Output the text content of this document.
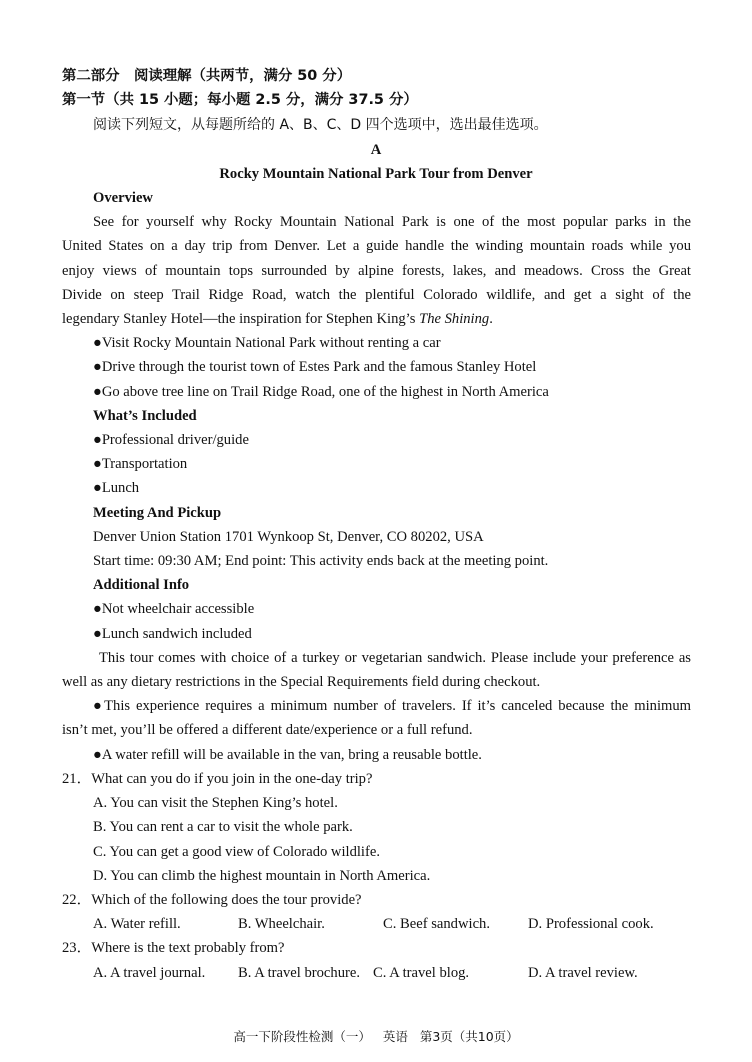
第二部分　阅读理解（共两节，满分 50 分）
第一节（共 15 小题；每小题 2.5 分，满分 37.5 分）
阅读下列短文，从每题所给的 A、B、C、D 四个选项中，选出最佳选项。
A
Rocky Mountain National Park Tour from Denver
Overview
See for yourself why Rocky Mountain National Park is one of the most popular parks in the
United States on a day trip from Denver. Let a guide handle the winding mountain roads while you
enjoy views of mountain tops surrounded by alpine forests, lakes, and meadows. Cross the Great
Divide on steep Trail Ridge Road, watch the plentiful Colorado wildlife, and get a sight of the
legendary Stanley Hotel—the inspiration for Stephen King’s The Shining.
●Visit Rocky Mountain National Park without renting a car
●Drive through the tourist town of Estes Park and the famous Stanley Hotel
●Go above tree line on Trail Ridge Road, one of the highest in North America
What’s Included
●Professional driver/guide
●Transportation
●Lunch
Meeting And Pickup
Denver Union Station 1701 Wynkoop St, Denver, CO 80202, USA
Start time: 09:30 AM; End point: This activity ends back at the meeting point.
Additional Info
●Not wheelchair accessible
●Lunch sandwich included
This tour comes with choice of a turkey or vegetarian sandwich. Please include your preference as
well as any dietary restrictions in the Special Requirements field during checkout.
●This experience requires a minimum number of travelers. If it’s canceled because the minimum
isn’t met, you’ll be offered a different date/experience or a full refund.
●A water refill will be available in the van, bring a reusable bottle.
21．What can you do if you join in the one-day trip?
A. You can visit the Stephen King’s hotel.
B. You can rent a car to visit the whole park.
C. You can get a good view of Colorado wildlife.
D. You can climb the highest mountain in North America.
22．Which of the following does the tour provide?
A. Water refill.	B. Wheelchair.	C. Beef sandwich.	D. Professional cook.
23．Where is the text probably from?
A. A travel journal. B. A travel brochure. C. A travel blog.	D. A travel review.
高一下阶段性检测（一） 英语 第3页（共10页）
